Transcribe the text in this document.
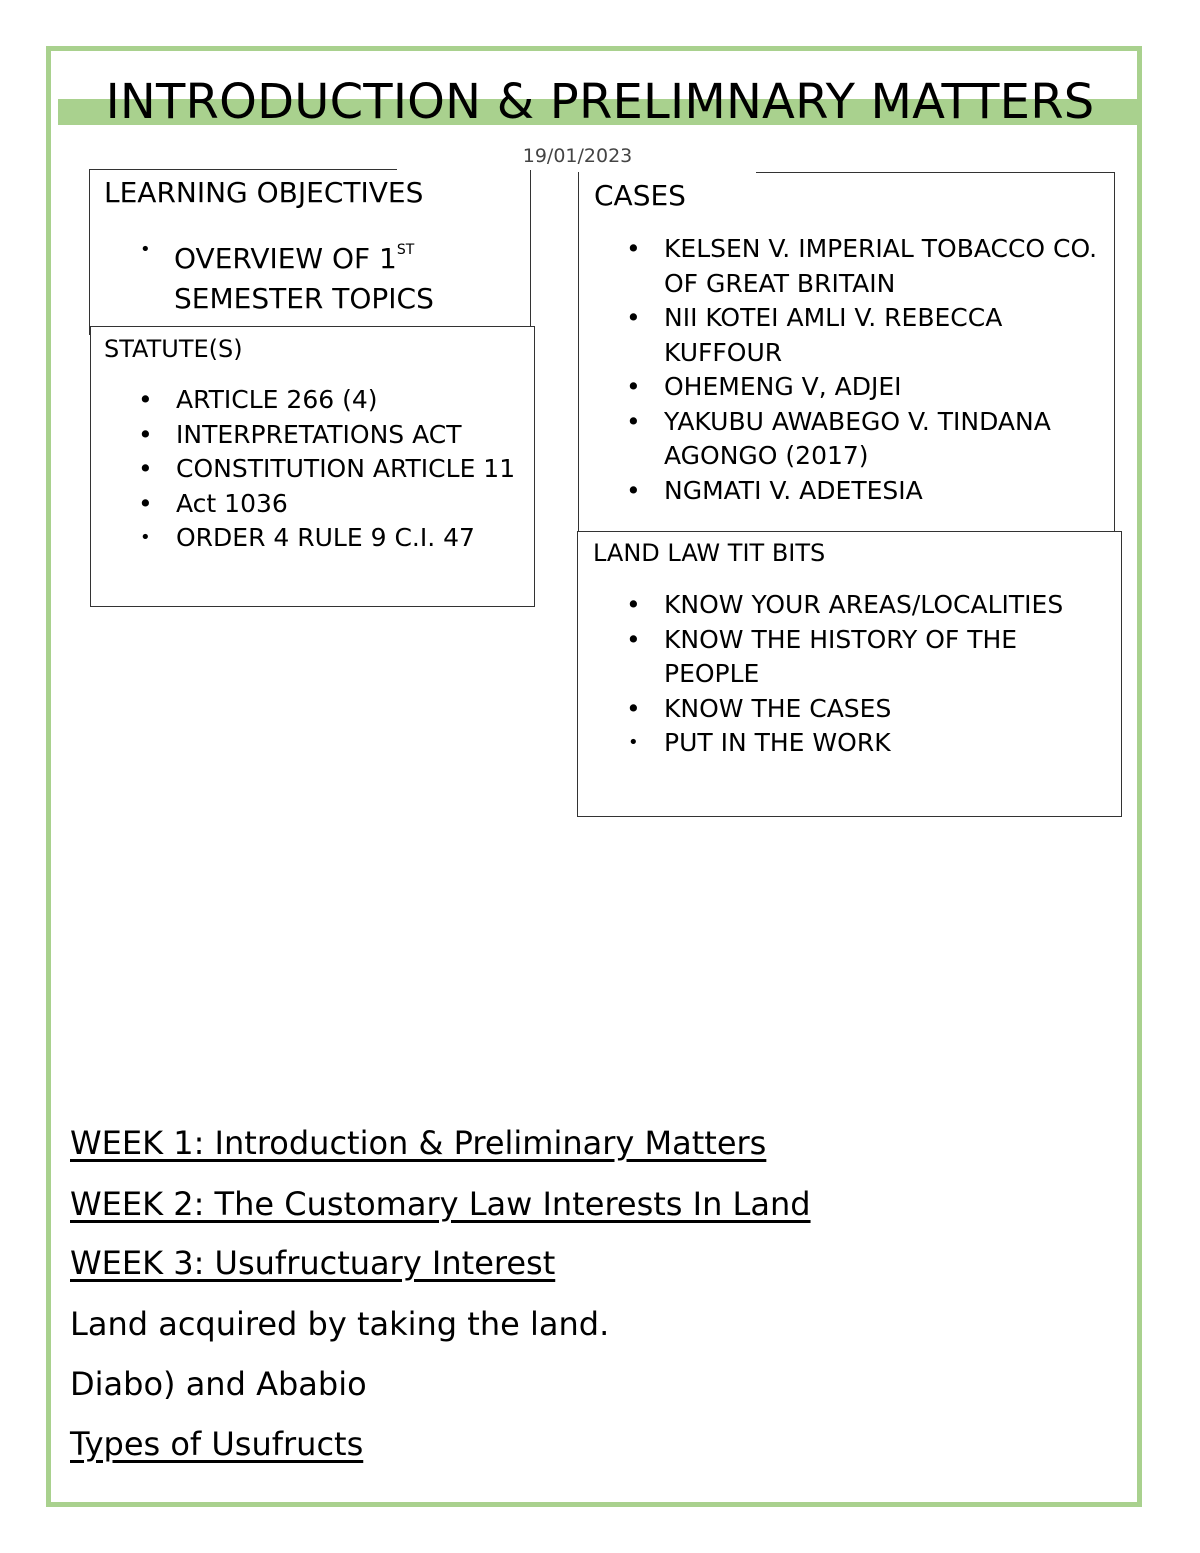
INTRODUCTION & PRELIMNARY MATTERS
19/01/2023
LEARNING OBJECTIVES
• OVERVIEW OF 1ST
SEMESTER TOPICS
STATUTE(S)
• ARTICLE 266 (4)
• INTERPRETATIONS ACT
• CONSTITUTION ARTICLE 11
• Act 1036
• ORDER 4 RULE 9 C.I. 47
CASES
• KELSEN V. IMPERIAL TOBACCO CO. OF GREAT BRITAIN
• NII KOTEI AMLI V. REBECCA KUFFOUR
• OHEMENG V, ADJEI
• YAKUBU AWABEGO V. TINDANA AGONGO (2017)
• NGMATI V. ADETESIA
LAND LAW TIT BITS
• KNOW YOUR AREAS/LOCALITIES
• KNOW THE HISTORY OF THE PEOPLE
• KNOW THE CASES
• PUT IN THE WORK
WEEK 1: Introduction & Preliminary Matters
WEEK 2: The Customary Law Interests In Land
WEEK 3: Usufructuary Interest
Land acquired by taking the land.
Diabo) and Ababio
Types of Usufructs
